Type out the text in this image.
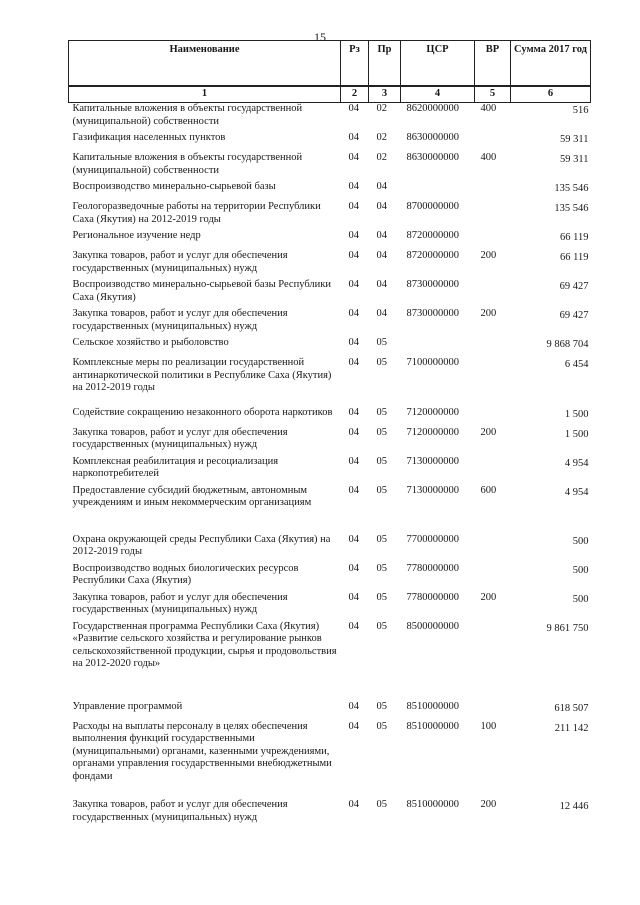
15
Наименование	Рз	Пр	ЦСР	ВР	Сумма 2017 год
1	2	3	4	5	6
Капитальные вложения в объекты государственной (муниципальной) собственности	04	02	8620000000	400	516
Газификация населенных пунктов	04	02	8630000000		59 311
Капитальные вложения в объекты государственной (муниципальной) собственности	04	02	8630000000	400	59 311
Воспроизводство минерально-сырьевой базы	04	04			135 546
Геологоразведочные работы на территории Республики Саха (Якутия) на 2012-2019 годы	04	04	8700000000		135 546
Региональное изучение недр	04	04	8720000000		66 119
Закупка товаров, работ и услуг для обеспечения государственных (муниципальных) нужд	04	04	8720000000	200	66 119
Воспроизводство минерально-сырьевой базы Республики Саха (Якутия)	04	04	8730000000		69 427
Закупка товаров, работ и услуг для обеспечения государственных (муниципальных) нужд	04	04	8730000000	200	69 427
Сельское хозяйство и рыболовство	04	05			9 868 704
Комплексные меры по реализации государственной антинаркотической политики в Республике Саха (Якутия) на 2012-2019 годы	04	05	7100000000		6 454
Содействие сокращению незаконного оборота наркотиков	04	05	7120000000		1 500
Закупка товаров, работ и услуг для обеспечения государственных (муниципальных) нужд	04	05	7120000000	200	1 500
Комплексная реабилитация и ресоциализация наркопотребителей	04	05	7130000000		4 954
Предоставление субсидий бюджетным, автономным учреждениям и иным некоммерческим организациям	04	05	7130000000	600	4 954
Охрана окружающей среды Республики Саха (Якутия) на 2012-2019 годы	04	05	7700000000		500
Воспроизводство водных биологических ресурсов Республики Саха (Якутия)	04	05	7780000000		500
Закупка товаров, работ и услуг для обеспечения государственных (муниципальных) нужд	04	05	7780000000	200	500
Государственная программа Республики Саха (Якутия) «Развитие сельского хозяйства и регулирование рынков сельскохозяйственной продукции, сырья и продовольствия на 2012-2020 годы»	04	05	8500000000		9 861 750
Управление программой	04	05	8510000000		618 507
Расходы на выплаты персоналу в целях обеспечения выполнения функций государственными (муниципальными) органами, казенными учреждениями, органами управления государственными внебюджетными фондами	04	05	8510000000	100	211 142
Закупка товаров, работ и услуг для обеспечения государственных (муниципальных) нужд	04	05	8510000000	200	12 446
